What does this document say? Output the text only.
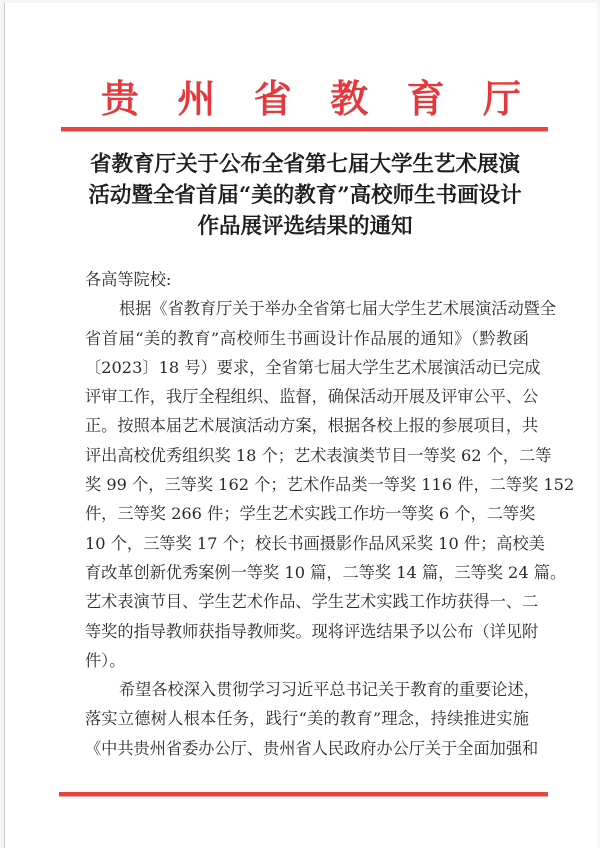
贵 州 省 教 育 厅
省教育厅关于公布全省第七届大学生艺术展演
活动暨全省首届“美的教育”高校师生书画设计
作品展评选结果的通知
各高等院校:
根据《省教育厅关于举办全省第七届大学生艺术展演活动暨全
省首届“美的教育”高校师生书画设计作品展的通知》（黔教函
〔2023〕18 号）要求，全省第七届大学生艺术展演活动已完成
评审工作，我厅全程组织、监督，确保活动开展及评审公平、公
正。按照本届艺术展演活动方案，根据各校上报的参展项目，共
评出高校优秀组织奖 18 个；艺术表演类节目一等奖 62 个，二等
奖 99 个，三等奖 162 个；艺术作品类一等奖 116 件，二等奖 152
件，三等奖 266 件；学生艺术实践工作坊一等奖 6 个，二等奖
10 个，三等奖 17 个；校长书画摄影作品风采奖 10 件；高校美
育改革创新优秀案例一等奖 10 篇，二等奖 14 篇，三等奖 24 篇。
艺术表演节目、学生艺术作品、学生艺术实践工作坊获得一、二
等奖的指导教师获指导教师奖。现将评选结果予以公布（详见附
件）。
希望各校深入贯彻学习习近平总书记关于教育的重要论述，
落实立德树人根本任务，践行“美的教育”理念，持续推进实施
《中共贵州省委办公厅、贵州省人民政府办公厅关于全面加强和
